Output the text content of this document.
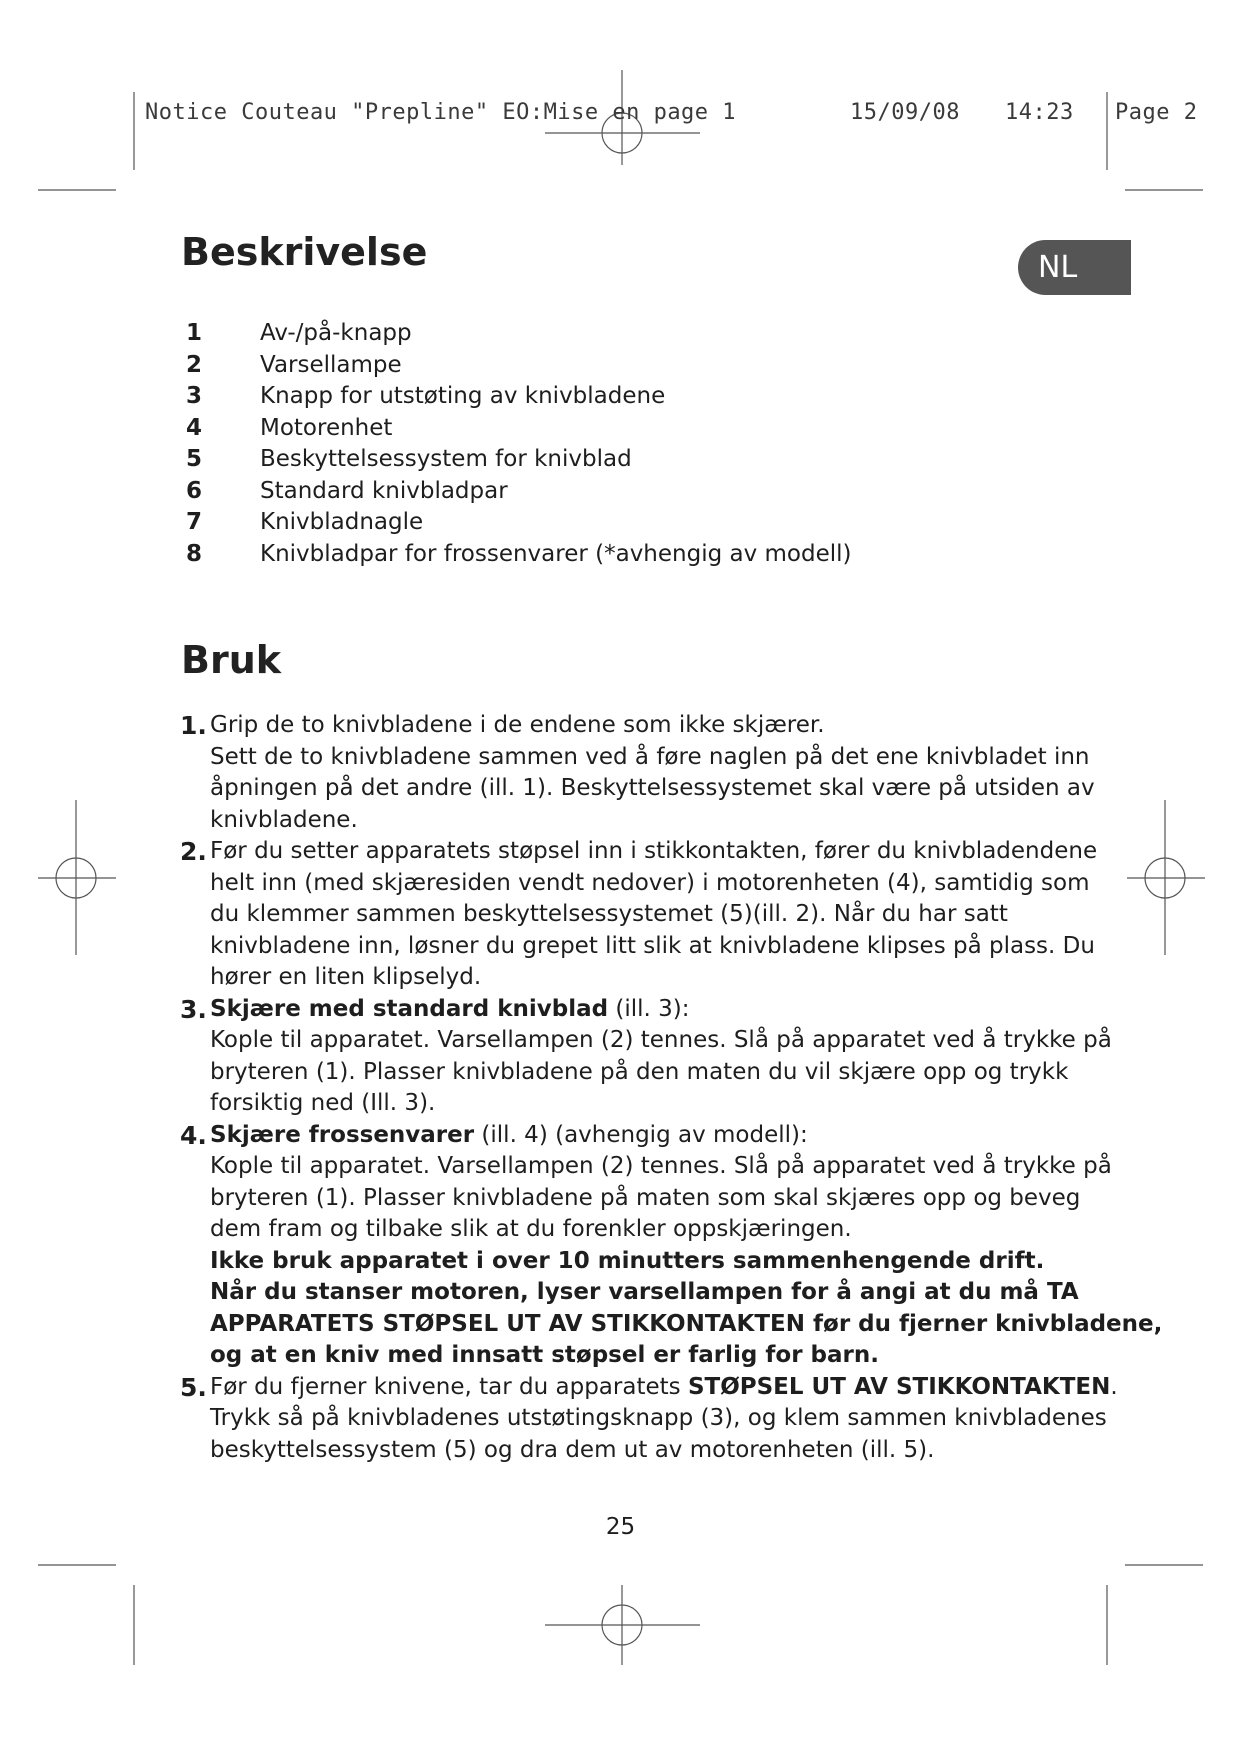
Notice Couteau "Prepline" EO:Mise en page 1

	15/09/08

14:23

Page 2

Beskrivelse	NL
1	Av-/på-knapp
2	Varsellampe
3	Knapp for utstøting av knivbladene
4	Motorenhet
5	Beskyttelsessystem for knivblad
6	Standard knivbladpar
7	Knivbladnagle
8	Knivbladpar for frossenvarer (*avhengig av modell)
Bruk
1. Grip de to knivbladene i de endene som ikke skjærer.
Sett de to knivbladene sammen ved å føre naglen på det ene knivbladet inn
åpningen på det andre (ill. 1). Beskyttelsessystemet skal være på utsiden av
knivbladene.
2. Før du setter apparatets støpsel inn i stikkontakten, fører du knivbladendene
helt inn (med skjæresiden vendt nedover) i motorenheten (4), samtidig som
du klemmer sammen beskyttelsessystemet (5)(ill. 2). Når du har satt
knivbladene inn, løsner du grepet litt slik at knivbladene klipses på plass. Du
hører en liten klipselyd.
3. Skjære med standard knivblad (ill. 3):
Kople til apparatet. Varsellampen (2) tennes. Slå på apparatet ved å trykke på
bryteren (1). Plasser knivbladene på den maten du vil skjære opp og trykk
forsiktig ned (Ill. 3).
4. Skjære frossenvarer (ill. 4) (avhengig av modell):
Kople til apparatet. Varsellampen (2) tennes. Slå på apparatet ved å trykke på
bryteren (1). Plasser knivbladene på maten som skal skjæres opp og beveg
dem fram og tilbake slik at du forenkler oppskjæringen.
Ikke bruk apparatet i over 10 minutters sammenhengende drift.
Når du stanser motoren, lyser varsellampen for å angi at du må TA
APPARATETS STØPSEL UT AV STIKKONTAKTEN før du fjerner knivbladene,
og at en kniv med innsatt støpsel er farlig for barn.
5. Før du fjerner knivene, tar du apparatets STØPSEL UT AV STIKKONTAKTEN.
Trykk så på knivbladenes utstøtingsknapp (3), og klem sammen knivbladenes
beskyttelsessystem (5) og dra dem ut av motorenheten (ill. 5).
25
